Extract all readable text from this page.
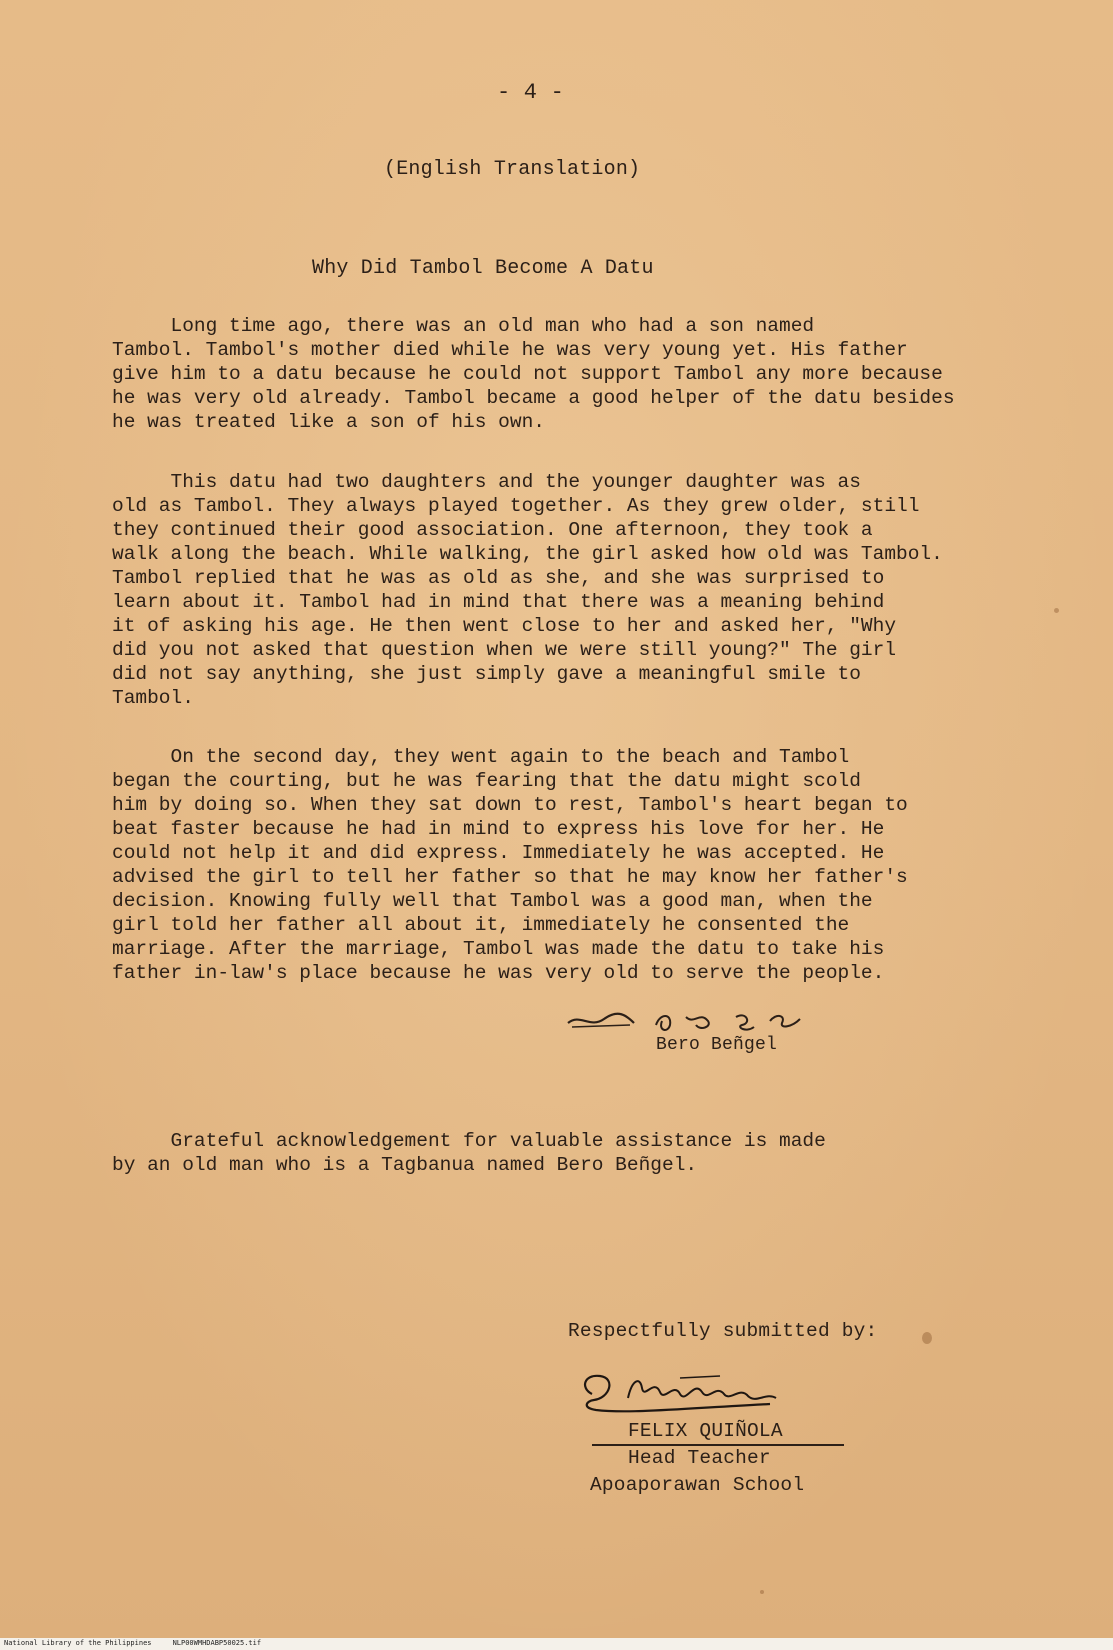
- 4 -
(English Translation)
Why Did Tambol Become A Datu
Long time ago, there was an old man who had a son named
Tambol. Tambol's mother died while he was very young yet. His father
give him to a datu because he could not support Tambol any more because
he was very old already. Tambol became a good helper of the datu besides
he was treated like a son of his own.
This datu had two daughters and the younger daughter was as
old as Tambol. They always played together. As they grew older, still
they continued their good association. One afternoon, they took a
walk along the beach. While walking, the girl asked how old was Tambol.
Tambol replied that he was as old as she, and she was surprised to
learn about it. Tambol had in mind that there was a meaning behind
it of asking his age. He then went close to her and asked her, "Why
did you not asked that question when we were still young?" The girl
did not say anything, she just simply gave a meaningful smile to
Tambol.
On the second day, they went again to the beach and Tambol
began the courting, but he was fearing that the datu might scold
him by doing so. When they sat down to rest, Tambol's heart began to
beat faster because he had in mind to express his love for her. He
could not help it and did express. Immediately he was accepted. He
advised the girl to tell her father so that he may know her father's
decision. Knowing fully well that Tambol was a good man, when the
girl told her father all about it, immediately he consented the
marriage. After the marriage, Tambol was made the datu to take his
father in-law's place because he was very old to serve the people.
Bero Beñgel
Grateful acknowledgement for valuable assistance is made
by an old man who is a Tagbanua named Bero Beñgel.
Respectfully submitted by:
FELIX QUIÑOLA
Head Teacher
Apoaporawan School
National Library of the Philippines     NLP00WMHDABP50025.tif
